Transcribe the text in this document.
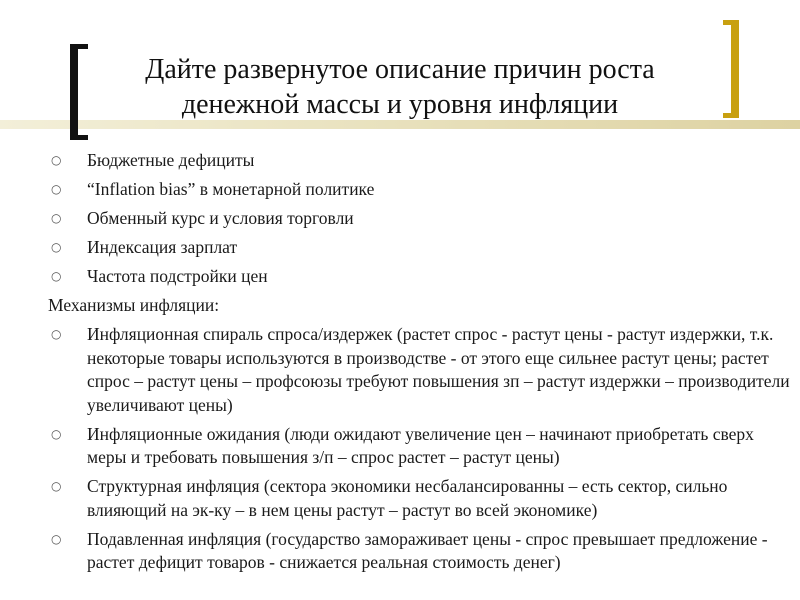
Дайте развернутое описание причин роста
денежной массы и уровня инфляции
○ Бюджетные дефициты
○ “Inflation bias” в монетарной политике
○ Обменный курс и условия торговли
○ Индексация зарплат
○ Частота подстройки цен
Механизмы инфляции:
○ Инфляционная спираль спроса/издержек (растет спрос - растут цены - растут издержки, т.к. некоторые товары используются в производстве - от этого еще сильнее растут цены; растет спрос – растут цены – профсоюзы требуют повышения зп – растут издержки – производители увеличивают цены)
○ Инфляционные ожидания (люди ожидают увеличение цен – начинают приобретать сверх меры и требовать повышения з/п – спрос растет – растут цены)
○ Структурная инфляция (сектора экономики несбалансированны – есть сектор, сильно влияющий на эк-ку – в нем цены растут – растут во всей экономике)
○ Подавленная инфляция (государство замораживает цены - спрос превышает предложение - растет дефицит товаров - снижается реальная стоимость денег)
